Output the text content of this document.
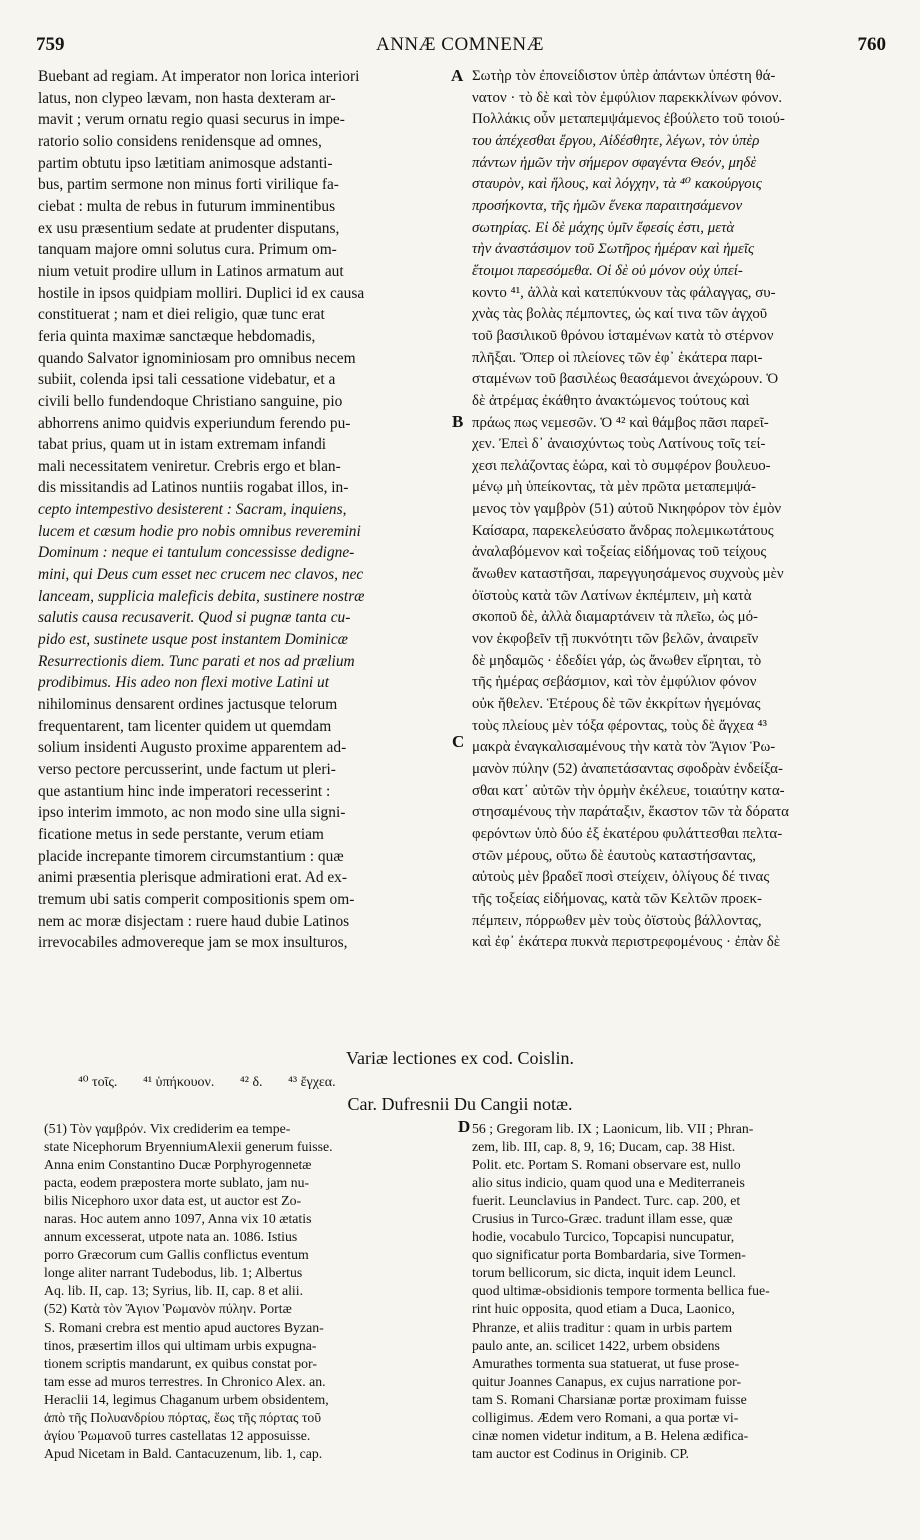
759	ANNÆ COMNENÆ	760
Buebant ad regiam. At imperator non lorica interiori
latus, non clypeo lævam, non hasta dexteram ar-
mavit ; verum ornatu regio quasi securus in impe-
ratorio solio considens renidensque ad omnes,
partim obtutu ipso lætitiam animosque adstanti-
bus, partim sermone non minus forti virilique fa-
ciebat : multa de rebus in futurum imminentibus
ex usu præsentium sedate at prudenter disputans,
tanquam majore omni solutus cura. Primum om-
nium vetuit prodire ullum in Latinos armatum aut
hostile in ipsos quidpiam molliri. Duplici id ex causa
constituerat ; nam et diei religio, quæ tunc erat
feria quinta maximæ sanctæque hebdomadis,
quando Salvator ignominiosam pro omnibus necem
subiit, colenda ipsi tali cessatione videbatur, et a
civili bello fundendoque Christiano sanguine, pio
abhorrens animo quidvis experiundum ferendo pu-
tabat prius, quam ut in istam extremam infandi
mali necessitatem veniretur. Crebris ergo et blan-
dis missitandis ad Latinos nuntiis rogabat illos, in-
cepto intempestivo desisterent : Sacram, inquiens,
lucem et cæsum hodie pro nobis omnibus reveremini
Dominum : neque ei tantulum concessisse dedigne-
mini, qui Deus cum esset nec crucem nec clavos, nec
lanceam, supplicia maleficis debita, sustinere nostræ
salutis causa recusaverit. Quod si pugnæ tanta cu-
pido est, sustinete usque post instantem Dominicæ
Resurrectionis diem. Tunc parati et nos ad prælium
prodibimus. His adeo non flexi motive Latini ut
nihilominus densarent ordines jactusque telorum
frequentarent, tam licenter quidem ut quemdam
solium insidenti Augusto proxime apparentem ad-
verso pectore percusserint, unde factum ut pleri-
que astantium hinc inde imperatori recesserint :
ipso interim immoto, ac non modo sine ulla signi-
ficatione metus in sede perstante, verum etiam
placide increpante timorem circumstantium : quæ
animi præsentia plerisque admirationi erat. Ad ex-
tremum ubi satis comperit compositionis spem om-
nem ac moræ disjectam : ruere haud dubie Latinos
irrevocabiles admovereque jam se mox insulturos,
Σωτὴρ τὸν ἐπονείδιστον ὑπὲρ ἁπάντων ὑπέστη θά-
νατον · τὸ δὲ καὶ τὸν ἐμφύλιον παρεκκλίνων φόνον.
Πολλάκις οὖν μεταπεμψάμενος ἐβούλετο τοῦ τοιού-
του ἀπέχεσθαι ἔργου, Αἰδέσθητε, λέγων, τὸν ὑπὲρ
πάντων ἡμῶν τὴν σήμερον σφαγέντα Θεόν, μηδὲ
σταυρὸν, καὶ ἥλους, καὶ λόγχην, τὰ ⁴⁰ κακούργοις
προσήκοντα, τῆς ἡμῶν ἕνεκα παραιτησάμενον
σωτηρίας. Εἰ δὲ μάχης ὑμῖν ἔφεσίς ἐστι, μετὰ
τὴν ἀναστάσιμον τοῦ Σωτῆρος ἡμέραν καὶ ἡμεῖς
ἕτοιμοι παρεσόμεθα. Οἱ δὲ οὐ μόνον οὐχ ὑπεί-
κοντο ⁴¹, ἀλλὰ καὶ κατεπύκνουν τὰς φάλαγγας, συ-
χνὰς τὰς βολὰς πέμποντες, ὡς καί τινα τῶν ἀγχοῦ
τοῦ βασιλικοῦ θρόνου ἱσταμένων κατὰ τὸ στέρνον
πλῆξαι. Ὅπερ οἱ πλείονες τῶν ἐφ᾽ ἑκάτερα παρι-
σταμένων τοῦ βασιλέως θεασάμενοι ἀνεχώρουν. Ὁ
δὲ ἀτρέμας ἐκάθητο ἀνακτώμενος τούτους καὶ
πράως πως νεμεσῶν. Ὁ ⁴² καὶ θάμβος πᾶσι παρεῖ-
χεν. Ἐπεὶ δ᾽ ἀναισχύντως τοὺς Λατίνους τοῖς τεί-
χεσι πελάζοντας ἑώρα, καὶ τὸ συμφέρον βουλευο-
μένῳ μὴ ὑπείκοντας, τὰ μὲν πρῶτα μεταπεμψά-
μενος τὸν γαμβρὸν (51) αὐτοῦ Νικηφόρον τὸν ἐμὸν
Καίσαρα, παρεκελεύσατο ἄνδρας πολεμικωτάτους
ἀναλαβόμενον καὶ τοξείας εἰδήμονας τοῦ τείχους
ἄνωθεν καταστῆσαι, παρεγγυησάμενος συχνοὺς μὲν
ὀϊστοὺς κατὰ τῶν Λατίνων ἐκπέμπειν, μὴ κατὰ
σκοποῦ δὲ, ἀλλὰ διαμαρτάνειν τὰ πλεῖω, ὡς μό-
νον ἐκφοβεῖν τῇ πυκνότητι τῶν βελῶν, ἀναιρεῖν
δὲ μηδαμῶς · ἐδεδίει γάρ, ὡς ἄνωθεν εἴρηται, τὸ
τῆς ἡμέρας σεβάσμιον, καὶ τὸν ἐμφύλιον φόνον
οὐκ ἤθελεν. Ἑτέρους δὲ τῶν ἐκκρίτων ἡγεμόνας
τοὺς πλείους μὲν τόξα φέροντας, τοὺς δὲ ἄγχεα ⁴³
μακρὰ ἐναγκαλισαμένους τὴν κατὰ τὸν Ἅγιον Ῥω-
μανὸν πύλην (52) ἀναπετάσαντας σφοδρὰν ἐνδείξα-
σθαι κατ᾽ αὐτῶν τὴν ὁρμὴν ἐκέλευε, τοιαύτην κατα-
στησαμένους τὴν παράταξιν, ἕκαστον τῶν τὰ δόρατα
φερόντων ὑπὸ δύο ἐξ ἑκατέρου φυλάττεσθαι πελτα-
στῶν μέρους, οὕτω δὲ ἑαυτοὺς καταστήσαντας,
αὐτοὺς μὲν βραδεῖ ποσὶ στείχειν, ὀλίγους δέ τινας
τῆς τοξείας εἰδήμονας, κατὰ τῶν Κελτῶν προεκ-
πέμπειν, πόρρωθεν μὲν τοὺς ὀϊστοὺς βάλλοντας,
καὶ ἐφ᾽ ἑκάτερα πυκνὰ περιστρεφομένους · ἐπὰν δὲ
A
B
C
D
Variæ lectiones ex cod. Coislin.
⁴⁰ τοῖς. ⁴¹ ὑπήκουον. ⁴² δ. ⁴³ ἔγχεα.
Car. Dufresnii Du Cangii notæ.
(51) Τὸν γαμβρόν. Vix crediderim ea tempe-
state Nicephorum BryenniumAlexii generum fuisse.
Anna enim Constantino Ducæ Porphyrogennetæ
pacta, eodem præpostera morte sublato, jam nu-
bilis Nicephoro uxor data est, ut auctor est Zo-
naras. Hoc autem anno 1097, Anna vix 10 ætatis
annum excesserat, utpote nata an. 1086. Istius
porro Græcorum cum Gallis conflictus eventum
longe aliter narrant Tudebodus, lib. 1; Albertus
Aq. lib. II, cap. 13; Syrius, lib. II, cap. 8 et alii.
(52) Κατὰ τὸν Ἅγιον Ῥωμανὸν πύλην. Portæ
S. Romani crebra est mentio apud auctores Byzan-
tinos, præsertim illos qui ultimam urbis expugna-
tionem scriptis mandarunt, ex quibus constat por-
tam esse ad muros terrestres. In Chronico Alex. an.
Heraclii 14, legimus Chaganum urbem obsidentem,
ἀπὸ τῆς Πολυανδρίου πόρτας, ἕως τῆς πόρτας τοῦ
ἁγίου Ῥωμανοῦ turres castellatas 12 apposuisse.
Apud Nicetam in Bald. Cantacuzenum, lib. 1, cap.
56 ; Gregoram lib. IX ; Laonicum, lib. VII ; Phran-
zem, lib. III, cap. 8, 9, 16; Ducam, cap. 38 Hist.
Polit. etc. Portam S. Romani observare est, nullo
alio situs indicio, quam quod una e Mediterraneis
fuerit. Leunclavius in Pandect. Turc. cap. 200, et
Crusius in Turco-Græc. tradunt illam esse, quæ
hodie, vocabulo Turcico, Topcapisi nuncupatur,
quo significatur porta Bombardaria, sive Tormen-
torum bellicorum, sic dicta, inquit idem Leuncl.
quod ultimæ-obsidionis tempore tormenta bellica fue-
rint huic opposita, quod etiam a Duca, Laonico,
Phranze, et aliis traditur : quam in urbis partem
paulo ante, an. scilicet 1422, urbem obsidens
Amurathes tormenta sua statuerat, ut fuse prose-
quitur Joannes Canapus, ex cujus narratione por-
tam S. Romani Charsianæ portæ proximam fuisse
colligimus. Ædem vero Romani, a qua portæ vi-
cinæ nomen videtur inditum, a B. Helena ædifica-
tam auctor est Codinus in Originib. CP.
